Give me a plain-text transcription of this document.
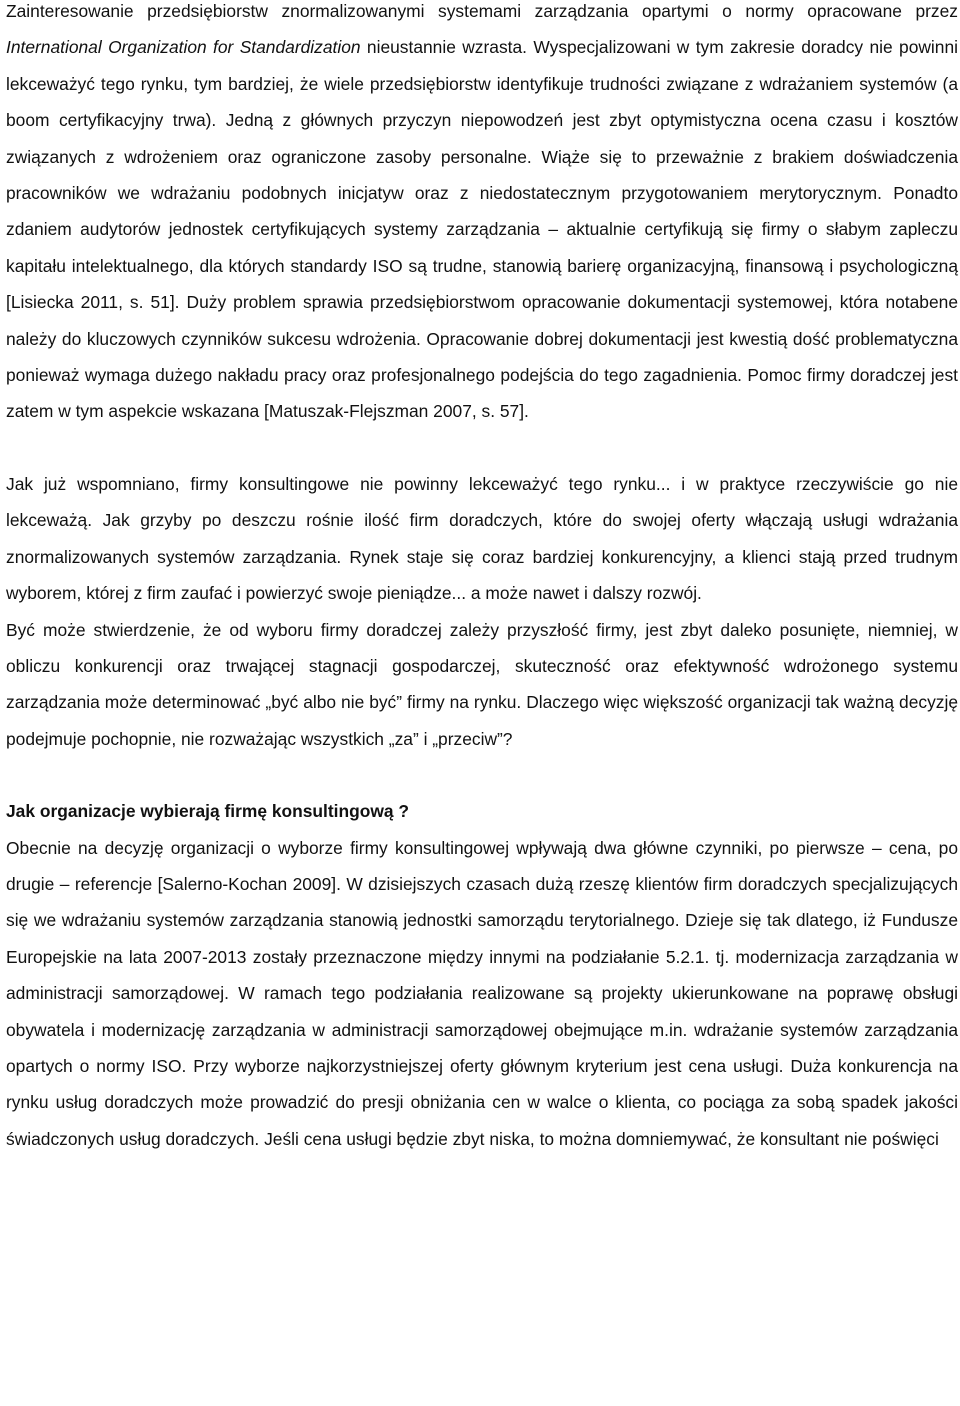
Zainteresowanie przedsiębiorstw znormalizowanymi systemami zarządzania opartymi o normy opracowane przez International Organization for Standardization nieustannie wzrasta. Wyspecjalizowani w tym zakresie doradcy nie powinni lekceważyć tego rynku, tym bardziej, że wiele przedsiębiorstw identyfikuje trudności związane z wdrażaniem systemów (a boom certyfikacyjny trwa). Jedną z głównych przyczyn niepowodzeń jest zbyt optymistyczna ocena czasu i kosztów związanych z wdrożeniem oraz ograniczone zasoby personalne. Wiąże się to przeważnie z brakiem doświadczenia pracowników we wdrażaniu podobnych inicjatyw oraz z niedostatecznym przygotowaniem merytorycznym. Ponadto zdaniem audytorów jednostek certyfikujących systemy zarządzania – aktualnie certyfikują się firmy o słabym zapleczu kapitału intelektualnego, dla których standardy ISO są trudne, stanowią barierę organizacyjną, finansową i psychologiczną [Lisiecka 2011, s. 51]. Duży problem sprawia przedsiębiorstwom opracowanie dokumentacji systemowej, która notabene należy do kluczowych czynników sukcesu wdrożenia. Opracowanie dobrej dokumentacji jest kwestią dość problematyczna ponieważ wymaga dużego nakładu pracy oraz profesjonalnego podejścia do tego zagadnienia. Pomoc firmy doradczej jest zatem w tym aspekcie wskazana [Matuszak-Flejszman 2007, s. 57].

Jak już wspomniano, firmy konsultingowe nie powinny lekceważyć tego rynku... i w praktyce rzeczywiście go nie lekceważą. Jak grzyby po deszczu rośnie ilość firm doradczych, które do swojej oferty włączają usługi wdrażania znormalizowanych systemów zarządzania. Rynek staje się coraz bardziej konkurencyjny, a klienci stają przed trudnym wyborem, której z firm zaufać i powierzyć swoje pieniądze... a może nawet i dalszy rozwój.

Być może stwierdzenie, że od wyboru firmy doradczej zależy przyszłość firmy, jest zbyt daleko posunięte, niemniej, w obliczu konkurencji oraz trwającej stagnacji gospodarczej, skuteczność oraz efektywność wdrożonego systemu zarządzania może determinować „być albo nie być” firmy na rynku. Dlaczego więc większość organizacji tak ważną decyzję podejmuje pochopnie, nie rozważając wszystkich „za” i „przeciw”?

Jak organizacje wybierają firmę konsultingową ?

Obecnie na decyzję organizacji o wyborze firmy konsultingowej wpływają dwa główne czynniki, po pierwsze – cena, po drugie – referencje [Salerno-Kochan 2009]. W dzisiejszych czasach dużą rzeszę klientów firm doradczych specjalizujących się we wdrażaniu systemów zarządzania stanowią jednostki samorządu terytorialnego. Dzieje się tak dlatego, iż Fundusze Europejskie na lata 2007-2013 zostały przeznaczone między innymi na podziałanie 5.2.1. tj. modernizacja zarządzania w administracji samorządowej. W ramach tego podziałania realizowane są projekty ukierunkowane na poprawę obsługi obywatela i modernizację zarządzania w administracji samorządowej obejmujące m.in. wdrażanie systemów zarządzania opartych o normy ISO. Przy wyborze najkorzystniejszej oferty głównym kryterium jest cena usługi. Duża konkurencja na rynku usług doradczych może prowadzić do presji obniżania cen w walce o klienta, co pociąga za sobą spadek jakości świadczonych usług doradczych. Jeśli cena usługi będzie zbyt niska, to można domniemywać, że konsultant nie poświęci
